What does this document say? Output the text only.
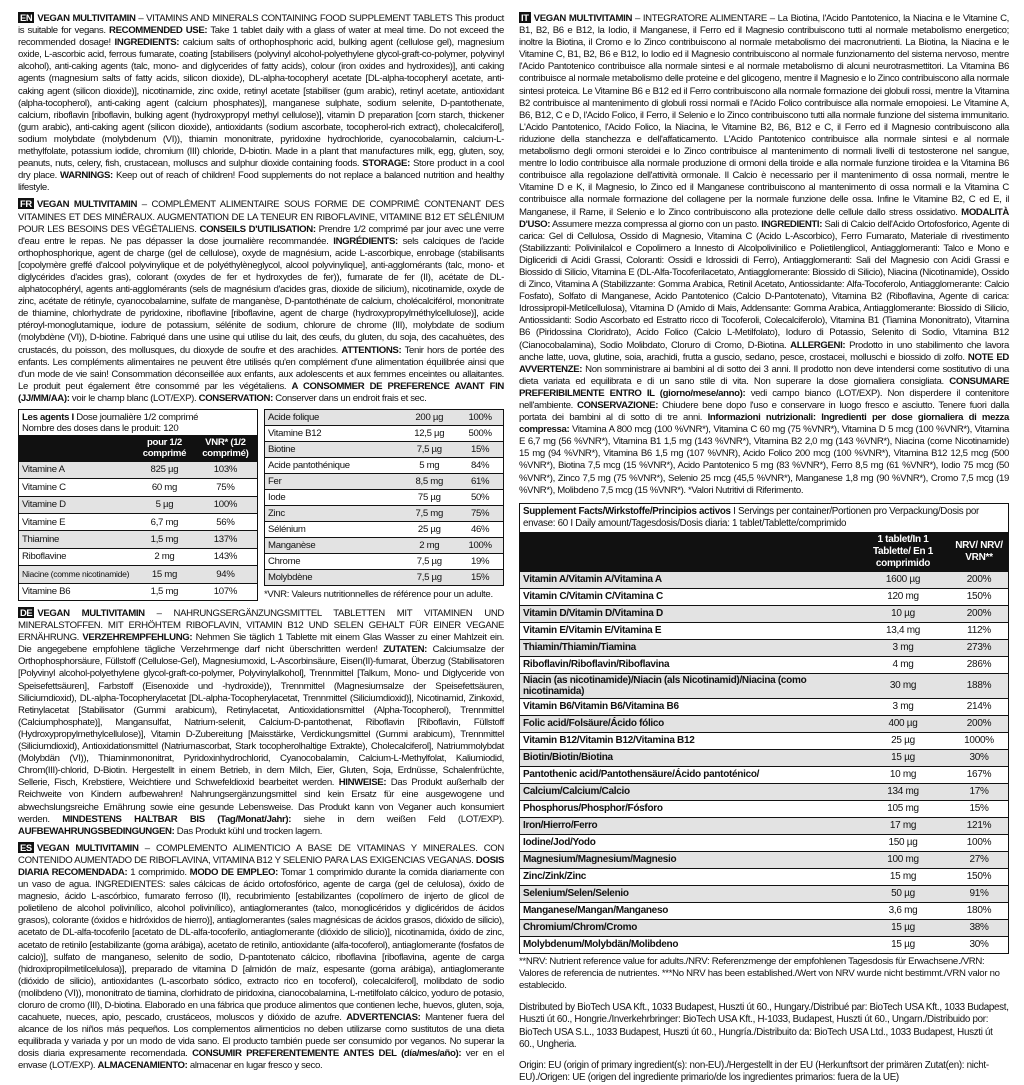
EN VEGAN MULTIVITAMIN – VITAMINS AND MINERALS CONTAINING FOOD SUPPLEMENT TABLETS This product is suitable for vegans. RECOMMENDED USE: Take 1 tablet daily with a glass of water at meal time. Do not exceed the recommended dosage! INGREDIENTS: calcium salts of orthophosphoric acid, bulking agent (cellulose gel), magnesium oxide, L-ascorbic acid, ferrous fumarate, coating [stabilisers (polyvinyl alcohol-polyethylene glycol-graft-co-polymer, polyvinyl alcohol), anti-caking agents (talc, mono- and diglycerides of fatty acids), colour (iron oxides and hydroxides)], anti caking agents (magnesium salts of fatty acids, silicon dioxide), DL-alpha-tocopheryl acetate [DL-alpha-tocopheryl acetate, anti-caking agent (silicon dioxide)], nicotinamide, zinc oxide, retinyl acetate [stabiliser (gum arabic), retinyl acetate, antioxidant (alpha-tocopherol), anti-caking agent (calcium phosphates)], manganese sulphate, sodium selenite, D-pantothenate, calcium, riboflavin [riboflavin, bulking agent (hydroxypropyl methyl cellulose)], vitamin D preparation [corn starch, thickener (gum arabic), anti-caking agent (silicon dioxide), antioxidants (sodium ascorbate, tocopherol-rich extract), cholecalciferol], sodium molybdate (molybdenum (VI)), thiamin mononitrate, pyridoxine hydrochloride, cyanocobalamin, calcium-L-methylfolate, potassium iodide, chromium (III) chloride, D-biotin. Made in a plant that manufactures milk, egg, gluten, soy, peanuts, nuts, celery, fish, crustacean, molluscs and sulphur dioxide containing foods. STORAGE: Store product in a cool dry place. WARNINGS: Keep out of reach of children! Food supplements do not replace a balanced nutrition and healthy lifestyle.

FR VEGAN MULTIVITAMIN – COMPLÉMENT ALIMENTAIRE SOUS FORME DE COMPRIMÉ CONTENANT DES VITAMINES ET DES MINÉRAUX. AUGMENTATION DE LA TENEUR EN RIBOFLAVINE, VITAMINE B12 ET SÉLÉNIUM POUR LES BESOINS DES VÉGÉTALIENS. CONSEILS D'UTILISATION: Prendre 1/2 comprimé par jour avec une verre d'eau entre le repas. Ne pas dépasser la dose journalière recommandée. INGRÉDIENTS: sels calciques de l'acide orthophosphorique, agent de charge (gel de cellulose), oxyde de magnésium, acide L-ascorbique, enrobage (stabilisants [copolymère greffé d'alcool polyvinylique et de polyéthylèneglycol, alcool polyvinylique], anti-agglomérants (talc, mono- et diglycérides d'acides gras), colorant (oxydes de fer et hydroxydes de fer)), fumarate de fer (II), acétate de DL-alphatocophéryl, agents anti-agglomérants (sels de magnésium d'acides gras, dioxide de silicium), nicotinamide, oxyde de zinc, acétate de rétinyle, cyanocobalamine, sulfate de manganèse, D-pantothénate de calcium, cholécalciférol, mononitrate de thiamine, chlorhydrate de pyridoxine, riboflavine [riboflavine, agent de charge (hydroxypropylméthylcellulose)], acide ptéroyl-monoglutamique, iodure de potassium, sélénite de sodium, chlorure de chrome (III), molybdate de sodium (molybdène (VI)), D-biotine. Fabriqué dans une usine qui utilise du lait, des œufs, du gluten, du soja, des cacahuètes, des crustacés, du poisson, des mollusques, du dioxyde de soufre et des arachides. ATTENTIONS: Tenir hors de portée des enfants. Les compléments alimentaires ne peuvent être utilisés qu'en complément d'une alimentation équilibrée ainsi que d'un mode de vie sain! Consommation déconseillée aux enfants, aux adolescents et aux femmes enceintes ou allaitantes. Le produit peut également être consommé par les végétaliens. A CONSOMMER DE PREFERENCE AVANT FIN (JJ/MM/AA): voir le champ blanc (LOT/EXP). CONSERVATION: Conserver dans un endroit frais et sec.

Les agents I Dose journalière 1/2 comprimé
Nombre des doses dans le produit: 120		
	pour 1/2 comprimé	VNR* (1/2 comprimé)
Vitamine A	825 µg	103%
Vitamine C	60 mg	75%
Vitamine D	5 µg	100%
Vitamine E	6,7 mg	56%
Thiamine	1,5 mg	137%
Riboflavine	2 mg	143%
Niacine (comme nicotinamide)	15 mg	94%
Vitamine B6	1,5 mg	107%
Acide folique	200 µg	100%
Vitamine B12	12,5 µg	500%
Biotine	7,5 µg	15%
Acide pantothénique	5 mg	84%
Fer	8,5 mg	61%
Iode	75 µg	50%
Zinc	7,5 mg	75%
Sélénium	25 µg	46%
Manganèse	2 mg	100%
Chrome	7,5 µg	19%
Molybdène	7,5 µg	15%
*VNR: Valeurs nutritionnelles de référence pour un adulte.

DE VEGAN MULTIVITAMIN – NAHRUNGSERGÄNZUNGSMITTEL TABLETTEN MIT VITAMINEN UND MINERALSTOFFEN. MIT ERHÖHTEM RIBOFLAVIN, VITAMIN B12 UND SELEN GEHALT FÜR EINER VEGANE ERNÄHRUNG. VERZEHREMPFEHLUNG: Nehmen Sie täglich 1 Tablette mit einem Glas Wasser zu einer Mahlzeit ein. Die angegebene empfohlene tägliche Verzehrmenge darf nicht überschritten werden! ZUTATEN: Calciumsalze der Orthophosphorsäure, Füllstoff (Cellulose-Gel), Magnesiumoxid, L-Ascorbinsäure, Eisen(II)-fumarat, Überzug (Stabilisatoren [Polyvinyl alcohol-polyethylene glycol-graft-co-polymer, Polyvinylalkohol], Trennmittel [Talkum, Mono- und Diglyceride von Speisefettsäuren], Farbstoff (Eisenoxide und -hydroxide)), Trennmittel (Magnesiumsalze der Speisefettsäuren, Siliciumdioxid), DL-alpha-Tocopherylacetat [DL-alpha-Tocopherylacetat, Trennmittel (Siliciumdioxid)], Nicotinamid, Zinkoxid, Retinylacetat [Stabilisator (Gummi arabicum), Retinylacetat, Antioxidationsmittel (Alpha-Tocopherol), Trennmittel (Calciumphosphate)], Mangansulfat, Natrium-selenit, Calcium-D-pantothenat, Riboflavin [Riboflavin, Füllstoff (Hydroxypropylmethylcellulose)], Vitamin D-Zubereitung [Maisstärke, Verdickungsmittel (Gummi arabicum), Trennmittel (Siliciumdioxid), Antioxidationsmittel (Natriumascorbat, Stark tocopherolhaltige Extrakte), Cholecalciferol], Natriummolybdat (Molybdän (VI)), Thiaminmononitrat, Pyridoxinhydrochlorid, Cyanocobalamin, Calcium-L-Methylfolat, Kaliumiodid, Chrom(III)-chlorid, D-Biotin. Hergestellt in einem Betrieb, in dem Milch, Eier, Gluten, Soja, Erdnüsse, Schalenfrüchte, Sellerie, Fisch, Krebstiere, Weichtiere und Schwefeldioxid bearbeitet werden. HINWEISE: Das Produkt außerhalb der Reichweite von Kindern aufbewahren! Nahrungsergänzungsmittel sind kein Ersatz für eine ausgewogene und abwechslungsreiche Ernährung sowie eine gesunde Lebensweise. Das Produkt kann von Veganer auch konsumiert werden. MINDESTENS HALTBAR BIS (Tag/Monat/Jahr): siehe in dem weißen Feld (LOT/EXP). AUFBEWAHRUNGSBEDINGUNGEN: Das Produkt kühl und trocken lagern.

ES VEGAN MULTIVITAMIN – COMPLEMENTO ALIMENTICIO A BASE DE VITAMINAS Y MINERALES. CON CONTENIDO AUMENTADO DE RIBOFLAVINA, VITAMINA B12 Y SELENIO PARA LAS EXIGENCIAS VEGANAS. DOSIS DIARIA RECOMENDADA: 1 comprimido. MODO DE EMPLEO: Tomar 1 comprimido durante la comida diariamente con un vaso de agua. INGREDIENTES: sales cálcicas de ácido ortofosfórico, agente de carga (gel de celulosa), óxido de magnesio, ácido L-ascórbico, fumarato ferroso (II), recubrimiento [estabilizantes (copolímero de injerto de glicol de polietileno de alcohol polivinílico, alcohol polivinílico), antiaglomerantes (talco, monoglicéridos y diglicéridos de ácidos grasos), colorante (óxidos e hidróxidos de hierro)], antiaglomerantes (sales magnésicas de ácidos grasos, dióxido de silicio), acetato de DL-alfa-tocoferilo [acetato de DL-alfa-tocoferilo, antiaglomerante (dióxido de silicio)], nicotinamida, óxido de zinc, acetato de retinilo [estabilizante (goma arábiga), acetato de retinilo, antioxidante (alfa-tocoferol), antiaglomerante (fosfatos de calcio)], sulfato de manganeso, selenito de sodio, D-pantotenato cálcico, riboflavina [riboflavina, agente de carga (hidroxipropilmetilcelulosa)], preparado de vitamina D [almidón de maíz, espesante (goma arábiga), antiaglomerante (dióxido de silicio), antioxidantes (L-ascorbato sódico, extracto rico en tocoferol), colecalciferol], molibdato de sodio (molibdeno (VI)), mononitrato de tiamina, clorhidrato de piridoxina, cianocobalamina, L-metilfolato cálcico, yoduro de potasio, cloruro de cromo (III), D-biotina. Elaborado en una fábrica que produce alimentos que contienen leche, huevos, gluten, soja, cacahuete, nueces, apio, pescado, crustáceos, moluscos y dióxido de azufre. ADVERTENCIAS: Mantener fuera del alcance de los niños más pequeños. Los complementos alimenticios no deben utilizarse como sustitutos de una dieta equilibrada y variada y por un modo de vida sano. El producto también puede ser consumido por veganos. No superar la dosis diaria expresamente recomendada. CONSUMIR PREFERENTEMENTE ANTES DEL (día/mes/año): ver en el envase (LOT/EXP). ALMACENAMIENTO: almacenar en lugar fresco y seco.

IT VEGAN MULTIVITAMIN – INTEGRATORE ALIMENTARE – La Biotina, l'Acido Pantotenico, la Niacina e le Vitamine C, B1, B2, B6 e B12, la Iodio, il Manganese, il Ferro ed il Magnesio contribuiscono tutti al normale metabolismo energetico; inoltre la Biotina, il Cromo e lo Zinco contribuiscono al normale metabolismo dei macronutrienti. La Biotina, la Niacina e le Vitamine C, B1, B2, B6 e B12, lo Iodio ed il Magnesio contribuiscono al normale funzionamento del sistema nervoso, mentre l'Acido Pantotenico contribuisce alla normale sintesi e al normale metabolismo di alcuni neurotrasmettitori. La Vitamina B6 contribuisce al normale metabolismo delle proteine e del glicogeno, mentre il Magnesio e lo Zinco contribuiscono alla normale sintesi proteica. Le Vitamine B6 e B12 ed il Ferro contribuiscono alla normale formazione dei globuli rossi, mentre la Vitamina B2 contribuisce al mantenimento di globuli rossi normali e l'Acido Folico contribuisce alla normale emopoiesi. Le Vitamine A, B6, B12, C e D, l'Acido Folico, il Ferro, il Selenio e lo Zinco contribuiscono tutti alla normale funzione del sistema immunitario. L'Acido Pantotenico, l'Acido Folico, la Niacina, le Vitamine B2, B6, B12 e C, il Ferro ed il Magnesio contribuiscono alla riduzione della stanchezza e dell'affaticamento. L'Acido Pantotenico contribuisce alla normale sintesi e al normale metabolismo degli ormoni steroidei e lo Zinco contribuisce al mantenimento di normali livelli di testosterone nel sangue, mentre lo Iodio contribuisce alla normale produzione di ormoni della tiroide e alla normale funzione tiroidea e la Vitamina B6 contribuisce alla regolazione dell'attività ormonale. Il Calcio è necessario per il mantenimento di ossa normali, mentre le Vitamine D e K, il Magnesio, lo Zinco ed il Manganese contribuiscono al mantenimento di ossa normali e la Vitamina C contribuisce alla normale formazione del collagene per la normale funzione delle ossa. Infine le Vitamine B2, C ed E, il Manganese, il Rame, il Selenio e lo Zinco contribuiscono alla protezione delle cellule dallo stress ossidativo. MODALITÀ D'USO: Assumere mezza compressa al giorno con un pasto. INGREDIENTI: Sali di Calcio dell'Acido Ortofosforico, Agente di carica: Gel di Cellulosa, Ossido di Magnesio, Vitamina C (Acido L-Ascorbico), Ferro Fumarato, Materiale di rivestimento (Stabilizzanti: Polivinilalcol e Copolimero a Innesto di Alcolpolivinilico e Polietilenglicol, Antiagglomeranti: Talco e Mono e Digliceridi di Acidi Grassi, Coloranti: Ossidi e Idrossidi di Ferro), Antiagglomeranti: Sali del Magnesio con Acidi Grassi e Biossido di Silicio, Vitamina E (DL-Alfa-Tocoferilacetato, Antiagglomerante: Biossido di Silicio), Niacina (Nicotinamide), Ossido di Zinco, Vitamina A (Stabilizzante: Gomma Arabica, Retinil Acetato, Antiossidante: Alfa-Tocoferolo, Antiagglomerante: Calcio Fosfato), Solfato di Manganese, Acido Pantotenico (Calcio D-Pantotenato), Vitamina B2 (Riboflavina, Agente di carica: Idrossipropil-Metilcellulosa), Vitamina D (Amido di Mais, Addensante: Gomma Arabica, Antiagglomerante: Biossido di Silicio, Antiossidanti: Sodio Ascorbato ed Estratto ricco di Tocoferoli, Colecalciferolo), Vitamina B1 (Tiamina Mononitrato), Vitamina B6 (Piridossina Cloridrato), Acido Folico (Calcio L-Metilfolato), Ioduro di Potassio, Selenito di Sodio, Vitamina B12 (Cianocobalamina), Sodio Molibdato, Cloruro di Cromo, D-Biotina. ALLERGENI: Prodotto in uno stabilimento che lavora anche latte, uova, glutine, soia, arachidi, frutta a guscio, sedano, pesce, crostacei, molluschi e biossido di zolfo. NOTE ED AVVERTENZE: Non somministrare ai bambini al di sotto dei 3 anni. Il prodotto non deve intendersi come sostitutivo di una dieta variata ed equilibrata e di un sano stile di vita. Non superare la dose giornaliera consigliata. CONSUMARE PREFERIBILMENTE ENTRO IL (giorno/mese/anno): vedi campo bianco (LOT/EXP). Non disperdere il contenitore nell'ambiente. CONSERVAZIONE: Chiudere bene dopo l'uso e conservare in luogo fresco e asciutto. Tenere fuori dalla portata dei bambini al di sotto di tre anni. Informazioni nutrizionali: Ingredienti per dose giornaliera di mezza compressa: Vitamina A 800 mcg (100 %VNR*), Vitamina C 60 mg (75 %VNR*), Vitamina D 5 mcg (100 %VNR*), Vitamina E 6,7 mg (56 %VNR*), Vitamina B1 1,5 mg (143 %VNR*), Vitamina B2 2,0 mg (143 %VNR*), Niacina (come Nicotinamide) 15 mg (94 %VNR*), Vitamina B6 1,5 mg (107 %VNR), Acido Folico 200 mcg (100 %VNR*), Vitamina B12 12,5 mcg (500 %VNR*), Biotina 7,5 mcg (15 %VNR*), Acido Pantotenico 5 mg (83 %VNR*), Ferro 8,5 mg (61 %VNR*), Iodio 75 mcg (50 %VNR*), Zinco 7,5 mg (75 %VNR*), Selenio 25 mcg (45,5 %VNR*), Manganese 1,8 mg (90 %VNR*), Cromo 7,5 mcg (19 %VNR*), Molibdeno 7,5 mcg (15 %VNR*). *Valori Nutritivi di Riferimento.

Supplement Facts/Wirkstoffe/Principios activos I Servings per container/Portionen pro Verpackung/Dosis por envase: 60 I Daily amount/Tagesdosis/Dosis diaria: 1 tablet/Tablette/comprimido		
	1 tablet/In 1 Tablette/ En 1 comprimido	NRV/ NRV/ VRN**
Vitamin A/Vitamin A/Vitamina A	1600 µg	200%
Vitamin C/Vitamin C/Vitamina C	120 mg	150%
Vitamin D/Vitamin D/Vitamina D	10 µg	200%
Vitamin E/Vitamin E/Vitamina E	13,4 mg	112%
Thiamin/Thiamin/Tiamina	3 mg	273%
Riboflavin/Riboflavin/Riboflavina	4 mg	286%
Niacin (as nicotinamide)/Niacin (als Nicotinamid)/Niacina (como nicotinamida)	30 mg	188%
Vitamin B6/Vitamin B6/Vitamina B6	3 mg	214%
Folic acid/Folsäure/Ácido fólico	400 µg	200%
Vitamin B12/Vitamin B12/Vitamina B12	25 µg	1000%
Biotin/Biotin/Biotina	15 µg	30%
Pantothenic acid/Pantothensäure/Ácido pantoténico/	10 mg	167%
Calcium/Calcium/Calcio	134 mg	17%
Phosphorus/Phosphor/Fósforo	105 mg	15%
Iron/Hierro/Ferro	17 mg	121%
Iodine/Jod/Yodo	150 µg	100%
Magnesium/Magnesium/Magnesio	100 mg	27%
Zinc/Zink/Zinc	15 mg	150%
Selenium/Selen/Selenio	50 µg	91%
Manganese/Mangan/Manganeso	3,6 mg	180%
Chromium/Chrom/Cromo	15 µg	38%
Molybdenum/Molybdän/Molibdeno	15 µg	30%
**NRV: Nutrient reference value for adults./NRV: Referenzmenge der empfohlenen Tagesdosis für Erwachsene./VRN: Valores de referencia de nutrientes. ***No NRV has been established./Wert von NRV wurde nicht bestimmt./VRN valor no establecido.
Distributed by BioTech USA Kft., 1033 Budapest, Huszti út 60., Hungary./Distribué par: BioTech USA Kft., 1033 Budapest, Huszti út 60., Hongrie./Inverkehrbringer: BioTech USA Kft., H-1033, Budapest, Huszti út 60., Ungarn./Distribuido por: BioTech USA S.L., 1033 Budapest, Huszti út 60., Hungría./Distribuito da: BioTech USA Ltd., 1033 Budapest, Huszti út 60., Ungheria.
Origin: EU (origin of primary ingredient(s): non-EU)./Hergestellt in der EU (Herkunftsort der primären Zutat(en): nicht-EU)./Origen: UE (origen del ingrediente primario/de los ingredientes primarios: fuera de la UE)
